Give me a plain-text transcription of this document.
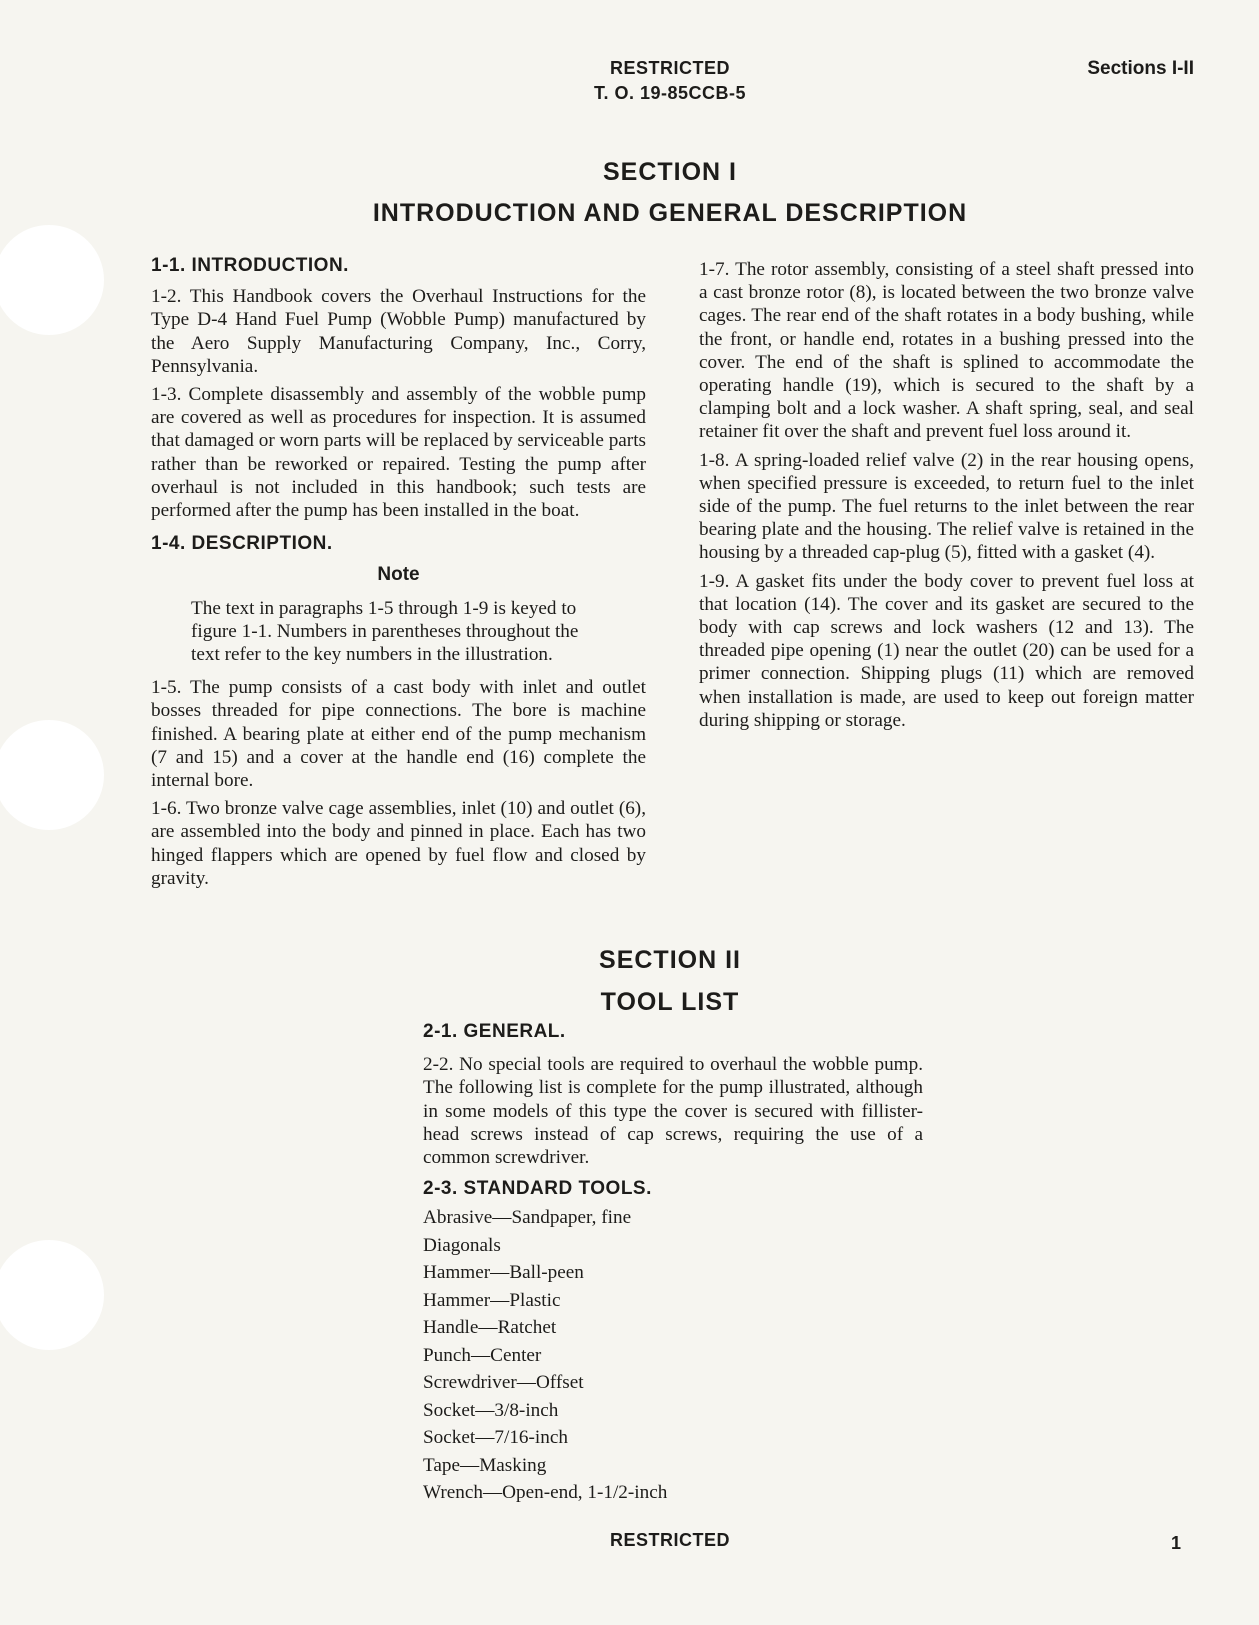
RESTRICTED
T. O. 19-85CCB-5
Sections I-II
SECTION I
INTRODUCTION AND GENERAL DESCRIPTION
1-1. INTRODUCTION.

1-2. This Handbook covers the Overhaul Instructions for the Type D-4 Hand Fuel Pump (Wobble Pump) manufactured by the Aero Supply Manufacturing Company, Inc., Corry, Pennsylvania.

1-3. Complete disassembly and assembly of the wobble pump are covered as well as procedures for inspection. It is assumed that damaged or worn parts will be replaced by serviceable parts rather than be reworked or repaired. Testing the pump after overhaul is not included in this handbook; such tests are performed after the pump has been installed in the boat.

1-4. DESCRIPTION.
Note

The text in paragraphs 1-5 through 1-9 is keyed to figure 1-1. Numbers in parentheses throughout the text refer to the key numbers in the illustration.

1-5. The pump consists of a cast body with inlet and outlet bosses threaded for pipe connections. The bore is machine finished. A bearing plate at either end of the pump mechanism (7 and 15) and a cover at the handle end (16) complete the internal bore.

1-6. Two bronze valve cage assemblies, inlet (10) and outlet (6), are assembled into the body and pinned in place. Each has two hinged flappers which are opened by fuel flow and closed by gravity.

1-7. The rotor assembly, consisting of a steel shaft pressed into a cast bronze rotor (8), is located between the two bronze valve cages. The rear end of the shaft rotates in a body bushing, while the front, or handle end, rotates in a bushing pressed into the cover. The end of the shaft is splined to accommodate the operating handle (19), which is secured to the shaft by a clamping bolt and a lock washer. A shaft spring, seal, and seal retainer fit over the shaft and prevent fuel loss around it.

1-8. A spring-loaded relief valve (2) in the rear housing opens, when specified pressure is exceeded, to return fuel to the inlet side of the pump. The fuel returns to the inlet between the rear bearing plate and the housing. The relief valve is retained in the housing by a threaded cap-plug (5), fitted with a gasket (4).

1-9. A gasket fits under the body cover to prevent fuel loss at that location (14). The cover and its gasket are secured to the body with cap screws and lock washers (12 and 13). The threaded pipe opening (1) near the outlet (20) can be used for a primer connection. Shipping plugs (11) which are removed when installation is made, are used to keep out foreign matter during shipping or storage.

SECTION II
TOOL LIST
2-1. GENERAL.

2-2. No special tools are required to overhaul the wobble pump. The following list is complete for the pump illustrated, although in some models of this type the cover is secured with fillister-head screws instead of cap screws, requiring the use of a common screwdriver.

2-3. STANDARD TOOLS.
Abrasive—Sandpaper, fine
Diagonals
Hammer—Ball-peen
Hammer—Plastic
Handle—Ratchet
Punch—Center
Screwdriver—Offset
Socket—3/8-inch
Socket—7/16-inch
Tape—Masking
Wrench—Open-end, 1-1/2-inch
RESTRICTED	1
